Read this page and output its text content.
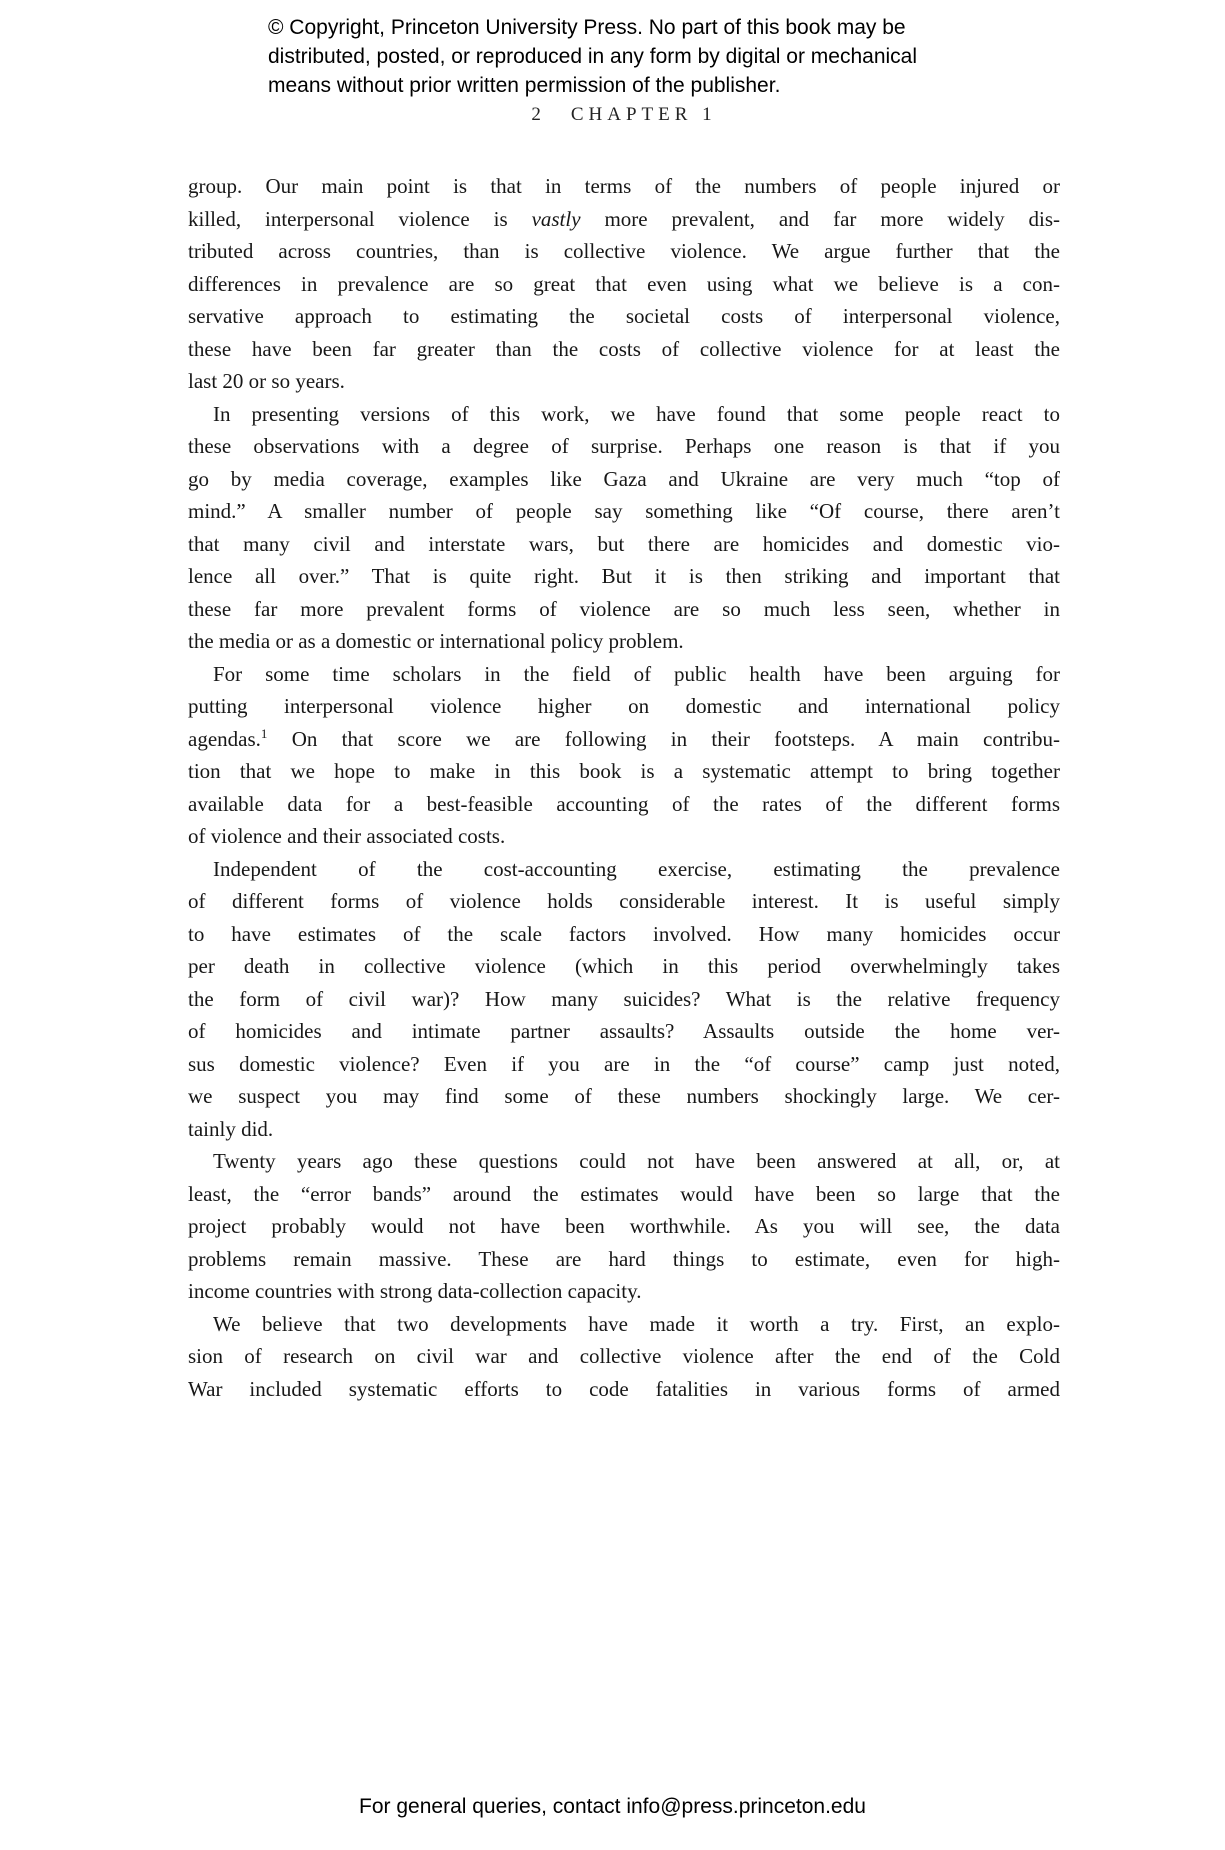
© Copyright, Princeton University Press. No part of this book may be
distributed, posted, or reproduced in any form by digital or mechanical
means without prior written permission of the publisher.
2 CHAPTER 1
group. Our main point is that in terms of the numbers of people injured or
killed, interpersonal violence is vastly more prevalent, and far more widely dis-
tributed across countries, than is collective violence. We argue further that the
differences in prevalence are so great that even using what we believe is a con-
servative approach to estimating the societal costs of interpersonal violence,
these have been far greater than the costs of collective violence for at least the
last 20 or so years.
In presenting versions of this work, we have found that some people react to
these observations with a degree of surprise. Perhaps one reason is that if you
go by media coverage, examples like Gaza and Ukraine are very much “top of
mind.” A smaller number of people say something like “Of course, there aren’t
that many civil and interstate wars, but there are homicides and domestic vio-
lence all over.” That is quite right. But it is then striking and important that
these far more prevalent forms of violence are so much less seen, whether in
the media or as a domestic or international policy problem.
For some time scholars in the field of public health have been arguing for
putting interpersonal violence higher on domestic and international policy
agendas.$^1$ On that score we are following in their footsteps. A main contribu-
tion that we hope to make in this book is a systematic attempt to bring together
available data for a best-feasible accounting of the rates of the different forms
of violence and their associated costs.
Independent of the cost-accounting exercise, estimating the prevalence
of different forms of violence holds considerable interest. It is useful simply
to have estimates of the scale factors involved. How many homicides occur
per death in collective violence (which in this period overwhelmingly takes
the form of civil war)? How many suicides? What is the relative frequency
of homicides and intimate partner assaults? Assaults outside the home ver-
sus domestic violence? Even if you are in the “of course” camp just noted,
we suspect you may find some of these numbers shockingly large. We cer-
tainly did.
Twenty years ago these questions could not have been answered at all, or, at
least, the “error bands” around the estimates would have been so large that the
project probably would not have been worthwhile. As you will see, the data
problems remain massive. These are hard things to estimate, even for high-
income countries with strong data-collection capacity.
We believe that two developments have made it worth a try. First, an explo-
sion of research on civil war and collective violence after the end of the Cold
War included systematic efforts to code fatalities in various forms of armed
For general queries, contact info@press.princeton.edu
